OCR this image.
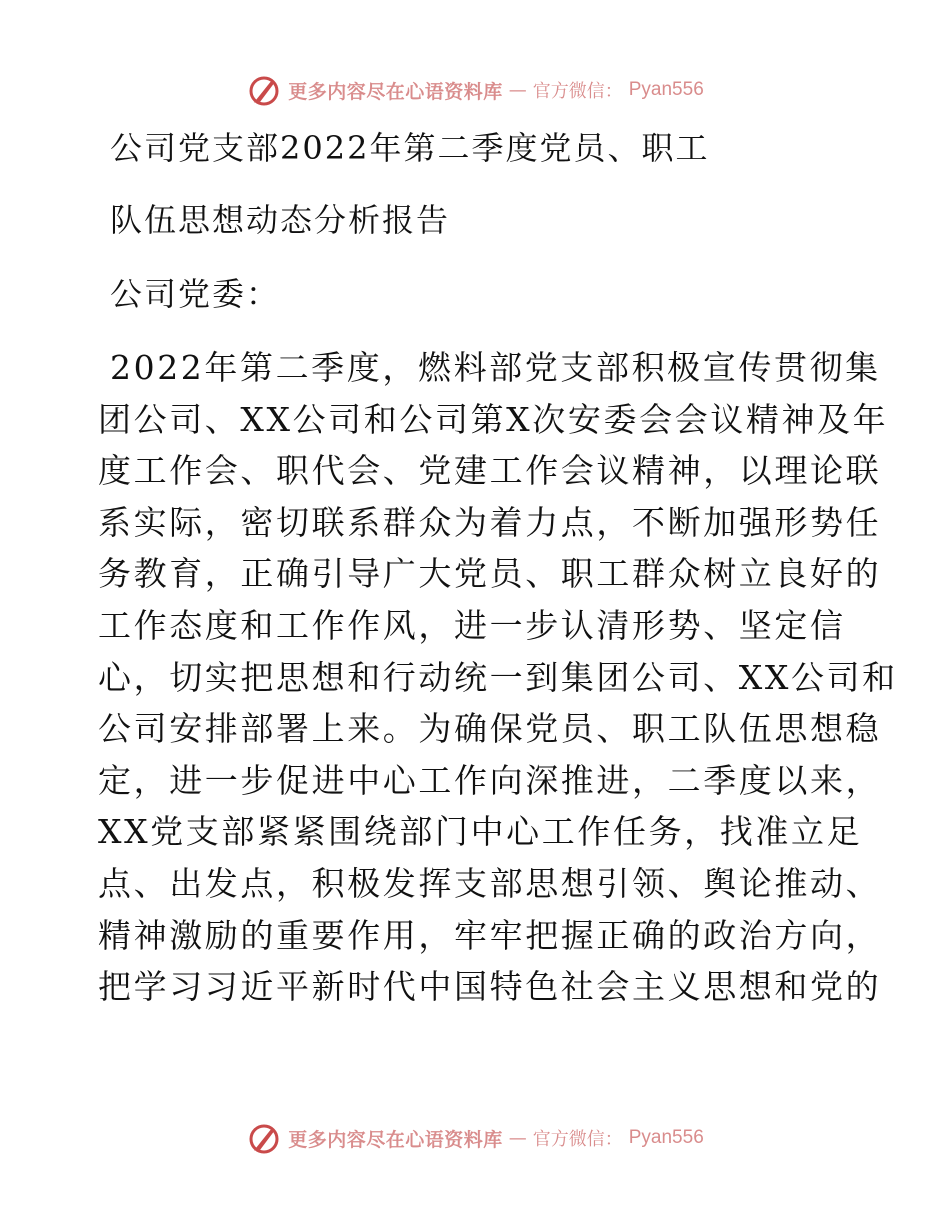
更多内容尽在心语资料库 — 官方微信： Pyan556
公司党支部2022年第二季度党员、职工
队伍思想动态分析报告

公司党委：

2022年第二季度，燃料部党支部积极宣传贯彻集
团公司、XX公司和公司第X次安委会会议精神及年
度工作会、职代会、党建工作会议精神，以理论联
系实际，密切联系群众为着力点，不断加强形势任
务教育，正确引导广大党员、职工群众树立良好的
工作态度和工作作风，进一步认清形势、坚定信
心，切实把思想和行动统一到集团公司、XX公司和
公司安排部署上来。为确保党员、职工队伍思想稳
定，进一步促进中心工作向深推进，二季度以来，
XX党支部紧紧围绕部门中心工作任务，找准立足
点、出发点，积极发挥支部思想引领、舆论推动、
精神激励的重要作用，牢牢把握正确的政治方向，
把学习习近平新时代中国特色社会主义思想和党的

更多内容尽在心语资料库 — 官方微信： Pyan556
